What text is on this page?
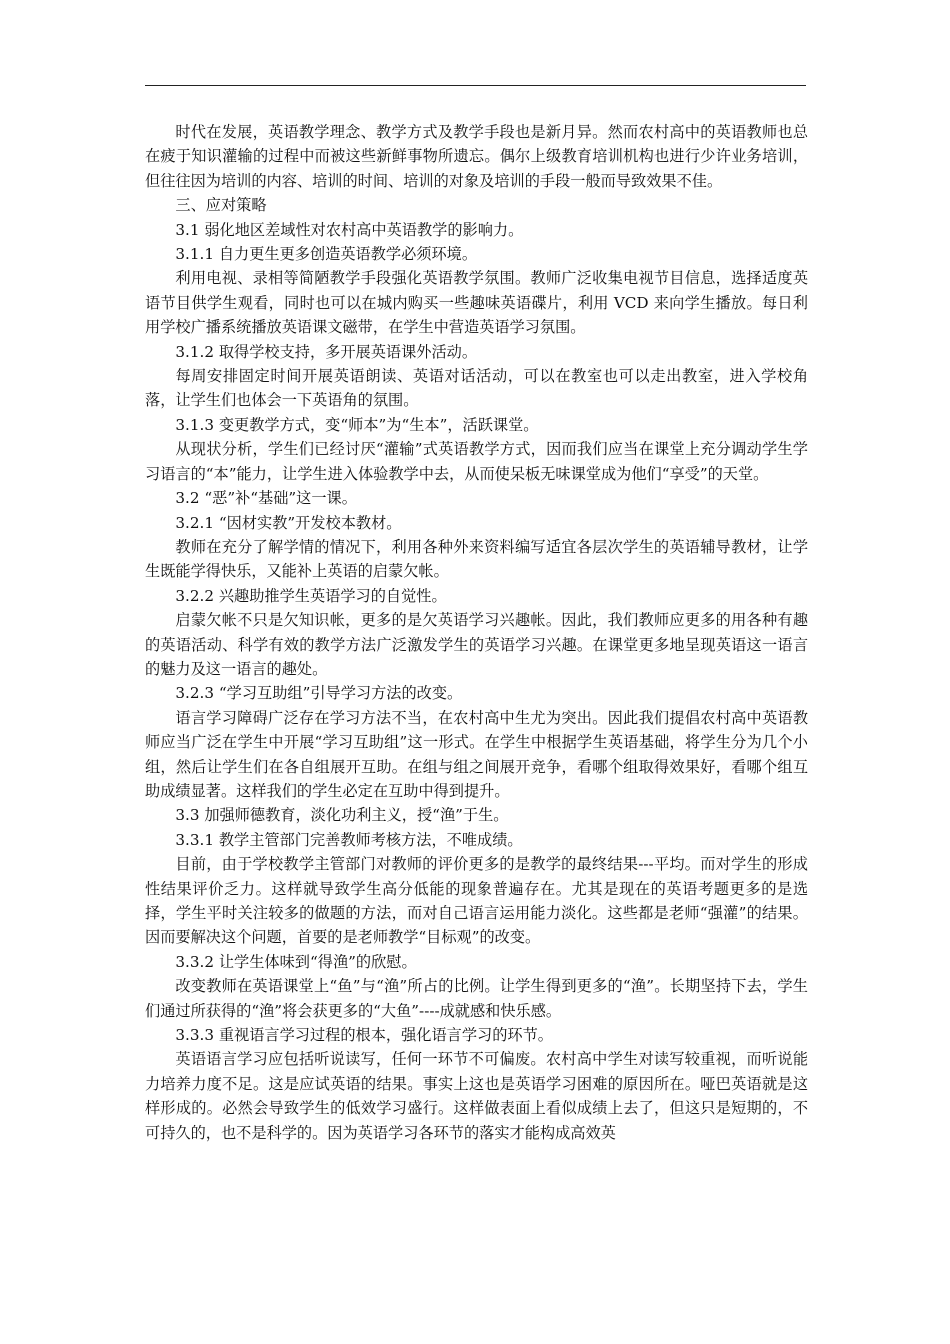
时代在发展，英语教学理念、教学方式及教学手段也是新月异。然而农村高中的英语教师也总在疲于知识灌输的过程中而被这些新鲜事物所遗忘。偶尔上级教育培训机构也进行少许业务培训，但往往因为培训的内容、培训的时间、培训的对象及培训的手段一般而导致效果不佳。

三、应对策略

3.1 弱化地区差域性对农村高中英语教学的影响力。

3.1.1 自力更生更多创造英语教学必须环境。

利用电视、录相等简陋教学手段强化英语教学氛围。教师广泛收集电视节目信息，选择适度英语节目供学生观看，同时也可以在城内购买一些趣味英语碟片，利用 VCD 来向学生播放。每日利用学校广播系统播放英语课文磁带，在学生中营造英语学习氛围。

3.1.2 取得学校支持，多开展英语课外活动。

每周安排固定时间开展英语朗读、英语对话活动，可以在教室也可以走出教室，进入学校角落，让学生们也体会一下英语角的氛围。

3.1.3 变更教学方式，变“师本”为“生本”，活跃课堂。

从现状分析，学生们已经讨厌“灌输”式英语教学方式，因而我们应当在课堂上充分调动学生学习语言的“本”能力，让学生进入体验教学中去，从而使呆板无味课堂成为他们“享受”的天堂。

3.2 “恶”补“基础”这一课。

3.2.1 “因材实教”开发校本教材。

教师在充分了解学情的情况下，利用各种外来资料编写适宜各层次学生的英语辅导教材，让学生既能学得快乐，又能补上英语的启蒙欠帐。

3.2.2 兴趣助推学生英语学习的自觉性。

启蒙欠帐不只是欠知识帐，更多的是欠英语学习兴趣帐。因此，我们教师应更多的用各种有趣的英语活动、科学有效的教学方法广泛激发学生的英语学习兴趣。在课堂更多地呈现英语这一语言的魅力及这一语言的趣处。

3.2.3 “学习互助组”引导学习方法的改变。

语言学习障碍广泛存在学习方法不当，在农村高中生尤为突出。因此我们提倡农村高中英语教师应当广泛在学生中开展“学习互助组”这一形式。在学生中根据学生英语基础，将学生分为几个小组，然后让学生们在各自组展开互助。在组与组之间展开竞争，看哪个组取得效果好，看哪个组互助成绩显著。这样我们的学生必定在互助中得到提升。

3.3 加强师德教育，淡化功利主义，授“渔”于生。

3.3.1 教学主管部门完善教师考核方法，不唯成绩。

目前，由于学校教学主管部门对教师的评价更多的是教学的最终结果---平均。而对学生的形成性结果评价乏力。这样就导致学生高分低能的现象普遍存在。尤其是现在的英语考题更多的是选择，学生平时关注较多的做题的方法，而对自己语言运用能力淡化。这些都是老师“强灌”的结果。因而要解决这个问题，首要的是老师教学“目标观”的改变。

3.3.2 让学生体味到“得渔”的欣慰。

改变教师在英语课堂上“鱼”与“渔”所占的比例。让学生得到更多的“渔”。长期坚持下去，学生们通过所获得的“渔”将会获更多的“大鱼”----成就感和快乐感。

3.3.3 重视语言学习过程的根本，强化语言学习的环节。

英语语言学习应包括听说读写，任何一环节不可偏废。农村高中学生对读写较重视，而听说能力培养力度不足。这是应试英语的结果。事实上这也是英语学习困难的原因所在。哑巴英语就是这样形成的。必然会导致学生的低效学习盛行。这样做表面上看似成绩上去了，但这只是短期的，不可持久的，也不是科学的。因为英语学习各环节的落实才能构成高效英
